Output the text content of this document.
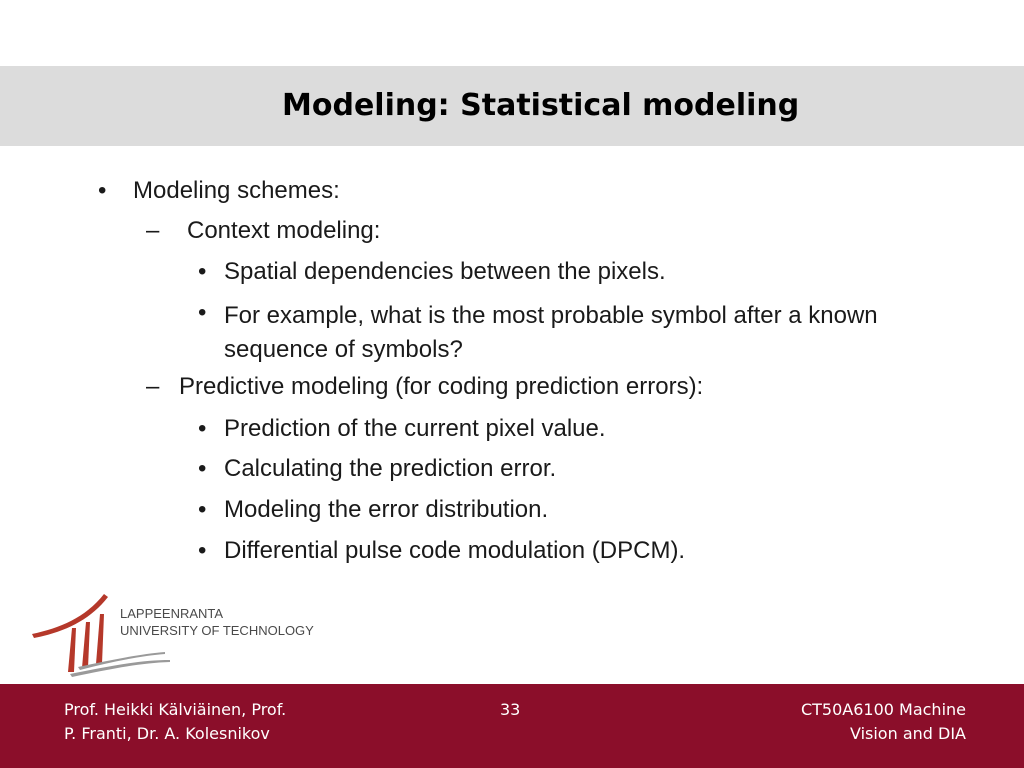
Modeling: Statistical modeling
• Modeling schemes:
– Context modeling:
• Spatial dependencies between the pixels.
• For example, what is the most probable symbol after a known sequence of symbols?
– Predictive modeling (for coding prediction errors):
• Prediction of the current pixel value.
• Calculating the prediction error.
• Modeling the error distribution.
• Differential pulse code modulation (DPCM).
LAPPEENRANTA
UNIVERSITY OF TECHNOLOGY
Prof. Heikki Kälviäinen, Prof.
P. Franti, Dr. A. Kolesnikov
33	CT50A6100 Machine
Vision and DIA
